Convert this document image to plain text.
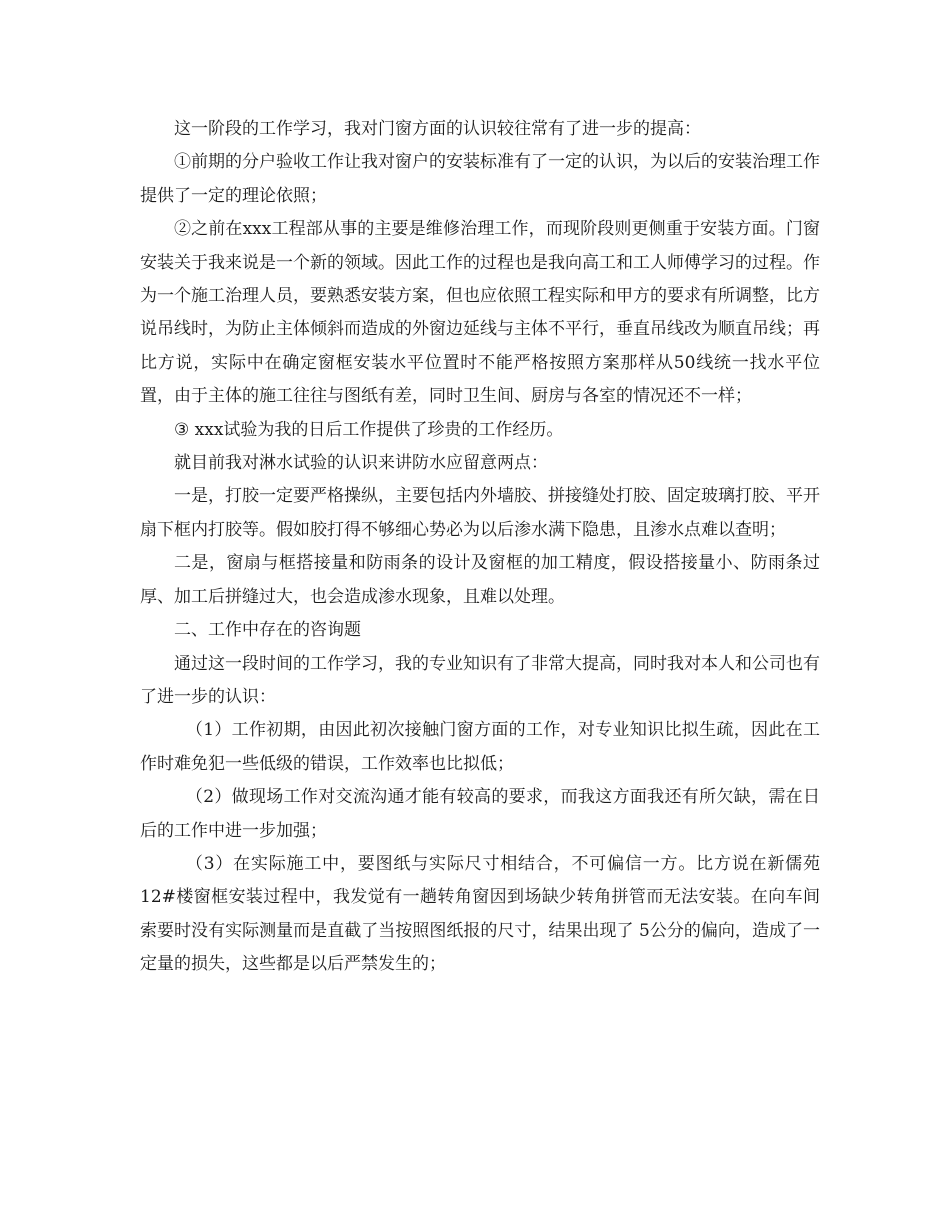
这一阶段的工作学习，我对门窗方面的认识较往常有了进一步的提高：

①前期的分户验收工作让我对窗户的安装标准有了一定的认识，为以后的安装治理工作提供了一定的理论依照；

②之前在xxx工程部从事的主要是维修治理工作，而现阶段则更侧重于安装方面。门窗安装关于我来说是一个新的领域。因此工作的过程也是我向高工和工人师傅学习的过程。作为一个施工治理人员，要熟悉安装方案，但也应依照工程实际和甲方的要求有所调整，比方说吊线时，为防止主体倾斜而造成的外窗边延线与主体不平行，垂直吊线改为顺直吊线；再比方说，实际中在确定窗框安装水平位置时不能严格按照方案那样从50线统一找水平位置，由于主体的施工往往与图纸有差，同时卫生间、厨房与各室的情况还不一样；

③ xxx试验为我的日后工作提供了珍贵的工作经历。

就目前我对淋水试验的认识来讲防水应留意两点：

一是，打胶一定要严格操纵，主要包括内外墙胶、拼接缝处打胶、固定玻璃打胶、平开扇下框内打胶等。假如胶打得不够细心势必为以后渗水满下隐患，且渗水点难以查明；

二是，窗扇与框搭接量和防雨条的设计及窗框的加工精度，假设搭接量小、防雨条过厚、加工后拼缝过大，也会造成渗水现象，且难以处理。

二、工作中存在的咨询题

通过这一段时间的工作学习，我的专业知识有了非常大提高，同时我对本人和公司也有了进一步的认识：

（1）工作初期，由因此初次接触门窗方面的工作，对专业知识比拟生疏，因此在工作时难免犯一些低级的错误，工作效率也比拟低；

（2）做现场工作对交流沟通才能有较高的要求，而我这方面我还有所欠缺，需在日后的工作中进一步加强；

（3）在实际施工中，要图纸与实际尺寸相结合，不可偏信一方。比方说在新儒苑12#楼窗框安装过程中，我发觉有一趟转角窗因到场缺少转角拼管而无法安装。在向车间索要时没有实际测量而是直截了当按照图纸报的尺寸，结果出现了 5公分的偏向，造成了一定量的损失，这些都是以后严禁发生的；
